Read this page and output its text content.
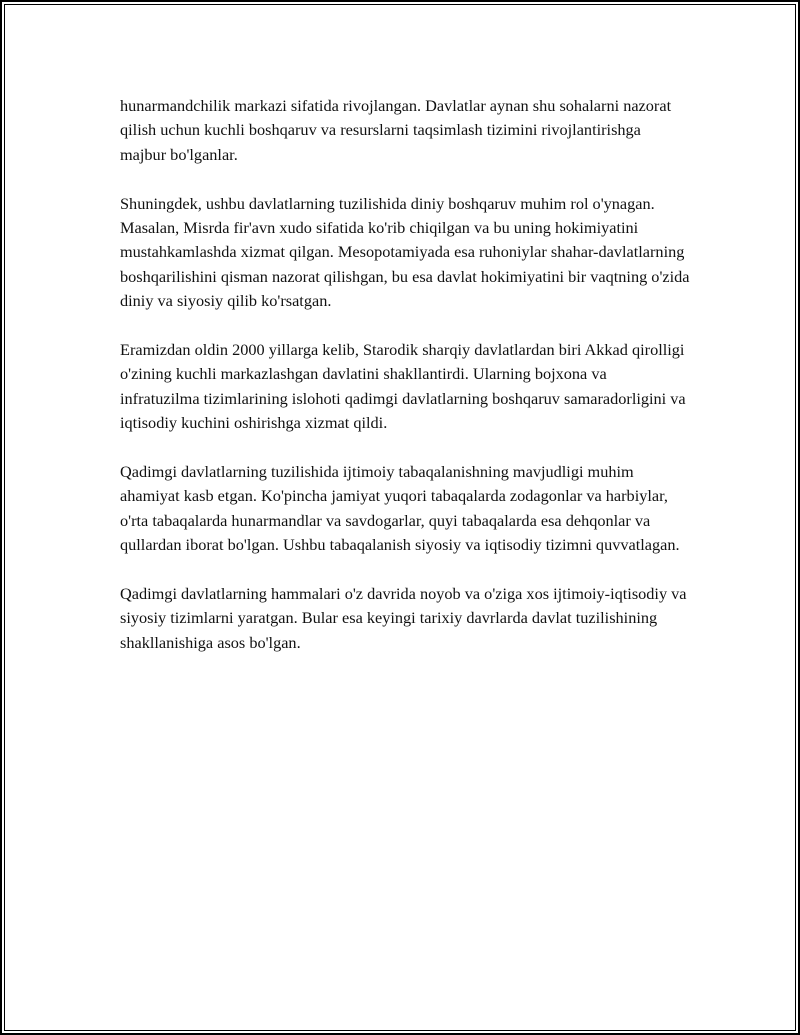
hunarmandchilik markazi sifatida rivojlangan. Davlatlar aynan shu sohalarni nazorat qilish uchun kuchli boshqaruv va resurslarni taqsimlash tizimini rivojlantirishga majbur bo'lganlar.

Shuningdek, ushbu davlatlarning tuzilishida diniy boshqaruv muhim rol o'ynagan. Masalan, Misrda fir'avn xudo sifatida ko'rib chiqilgan va bu uning hokimiyatini mustahkamlashda xizmat qilgan. Mesopotamiyada esa ruhoniylar shahar-davlatlarning boshqarilishini qisman nazorat qilishgan, bu esa davlat hokimiyatini bir vaqtning o'zida diniy va siyosiy qilib ko'rsatgan.

Eramizdan oldin 2000 yillarga kelib, Starodik sharqiy davlatlardan biri Akkad qirolligi o'zining kuchli markazlashgan davlatini shakllantirdi. Ularning bojxona va infratuzilma tizimlarining islohoti qadimgi davlatlarning boshqaruv samaradorligini va iqtisodiy kuchini oshirishga xizmat qildi.

Qadimgi davlatlarning tuzilishida ijtimoiy tabaqalanishning mavjudligi muhim ahamiyat kasb etgan. Ko'pincha jamiyat yuqori tabaqalarda zodagonlar va harbiylar, o'rta tabaqalarda hunarmandlar va savdogarlar, quyi tabaqalarda esa dehqonlar va qullardan iborat bo'lgan. Ushbu tabaqalanish siyosiy va iqtisodiy tizimni quvvatlagan.

Qadimgi davlatlarning hammalari o'z davrida noyob va o'ziga xos ijtimoiy-iqtisodiy va siyosiy tizimlarni yaratgan. Bular esa keyingi tarixiy davrlarda davlat tuzilishining shakllanishiga asos bo'lgan.
